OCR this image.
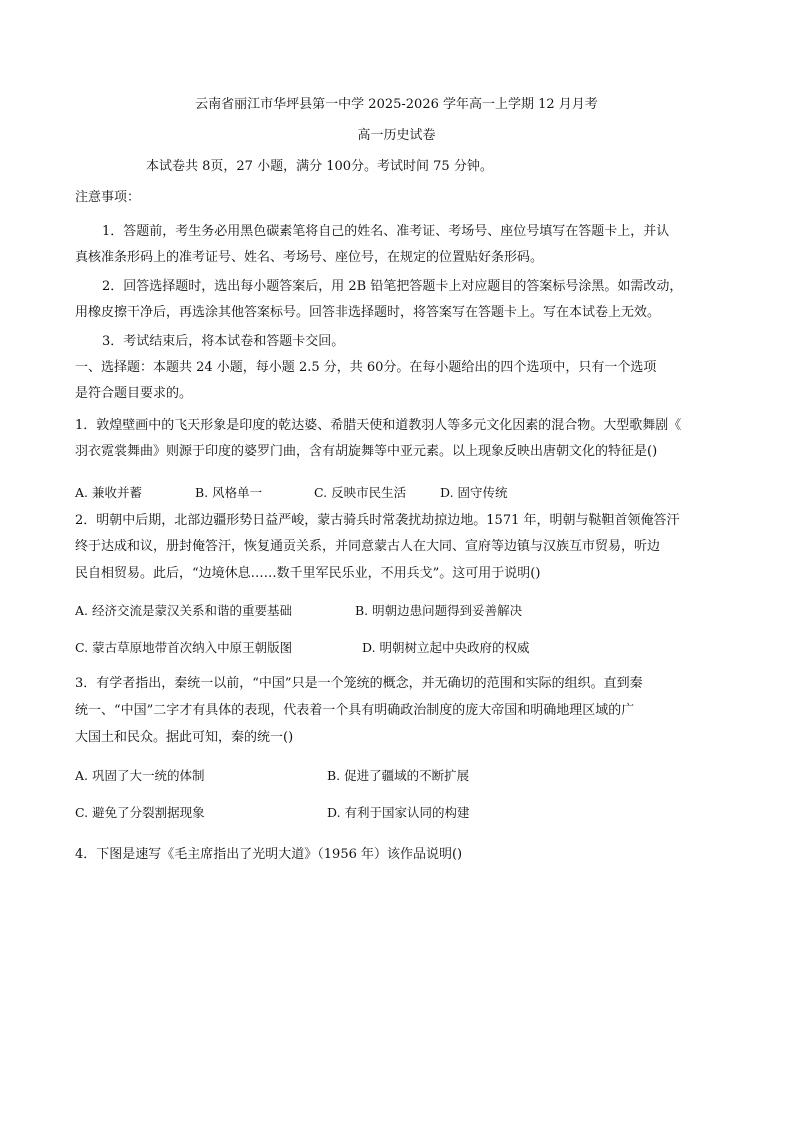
云南省丽江市华坪县第一中学 2025-2026 学年高一上学期 12 月月考
高一历史试卷
本试卷共 8页，27 小题，满分 100分。考试时间 75 分钟。
注意事项：
1．答题前，考生务必用黑色碳素笔将自己的姓名、准考证、考场号、座位号填写在答题卡上，并认
真核准条形码上的准考证号、姓名、考场号、座位号，在规定的位置贴好条形码。
2．回答选择题时，选出每小题答案后，用 2B 铅笔把答题卡上对应题目的答案标号涂黑。如需改动，
用橡皮擦干净后，再选涂其他答案标号。回答非选择题时，将答案写在答题卡上。写在本试卷上无效。
3．考试结束后，将本试卷和答题卡交回。
一、选择题：本题共 24 小题，每小题 2.5 分，共 60分。在每小题给出的四个选项中，只有一个选项
是符合题目要求的。
1．敦煌壁画中的飞天形象是印度的乾达婆、希腊天使和道教羽人等多元文化因素的混合物。大型歌舞剧《
羽衣霓裳舞曲》则源于印度的婆罗门曲，含有胡旋舞等中亚元素。以上现象反映出唐朝文化的特征是()
A. 兼收并蓄	B. 风格单一	C. 反映市民生活	D. 固守传统
2．明朝中后期，北部边疆形势日益严峻，蒙古骑兵时常袭扰劫掠边地。1571 年，明朝与鞑靼首领俺答汗
终于达成和议，册封俺答汗，恢复通贡关系，并同意蒙古人在大同、宣府等边镇与汉族互市贸易，听边
民自相贸易。此后，“边境休息……数千里军民乐业，不用兵戈”。这可用于说明()
A. 经济交流是蒙汉关系和谐的重要基础	B. 明朝边患问题得到妥善解决
C. 蒙古草原地带首次纳入中原王朝版图	D. 明朝树立起中央政府的权威
3．有学者指出，秦统一以前，“中国”只是一个笼统的概念，并无确切的范围和实际的组织。直到秦
统一、“中国”二字才有具体的表现，代表着一个具有明确政治制度的庞大帝国和明确地理区域的广
大国土和民众。据此可知，秦的统一()
A. 巩固了大一统的体制	B. 促进了疆域的不断扩展
C. 避免了分裂割据现象	D. 有利于国家认同的构建
4．下图是速写《毛主席指出了光明大道》（1956 年）该作品说明()
